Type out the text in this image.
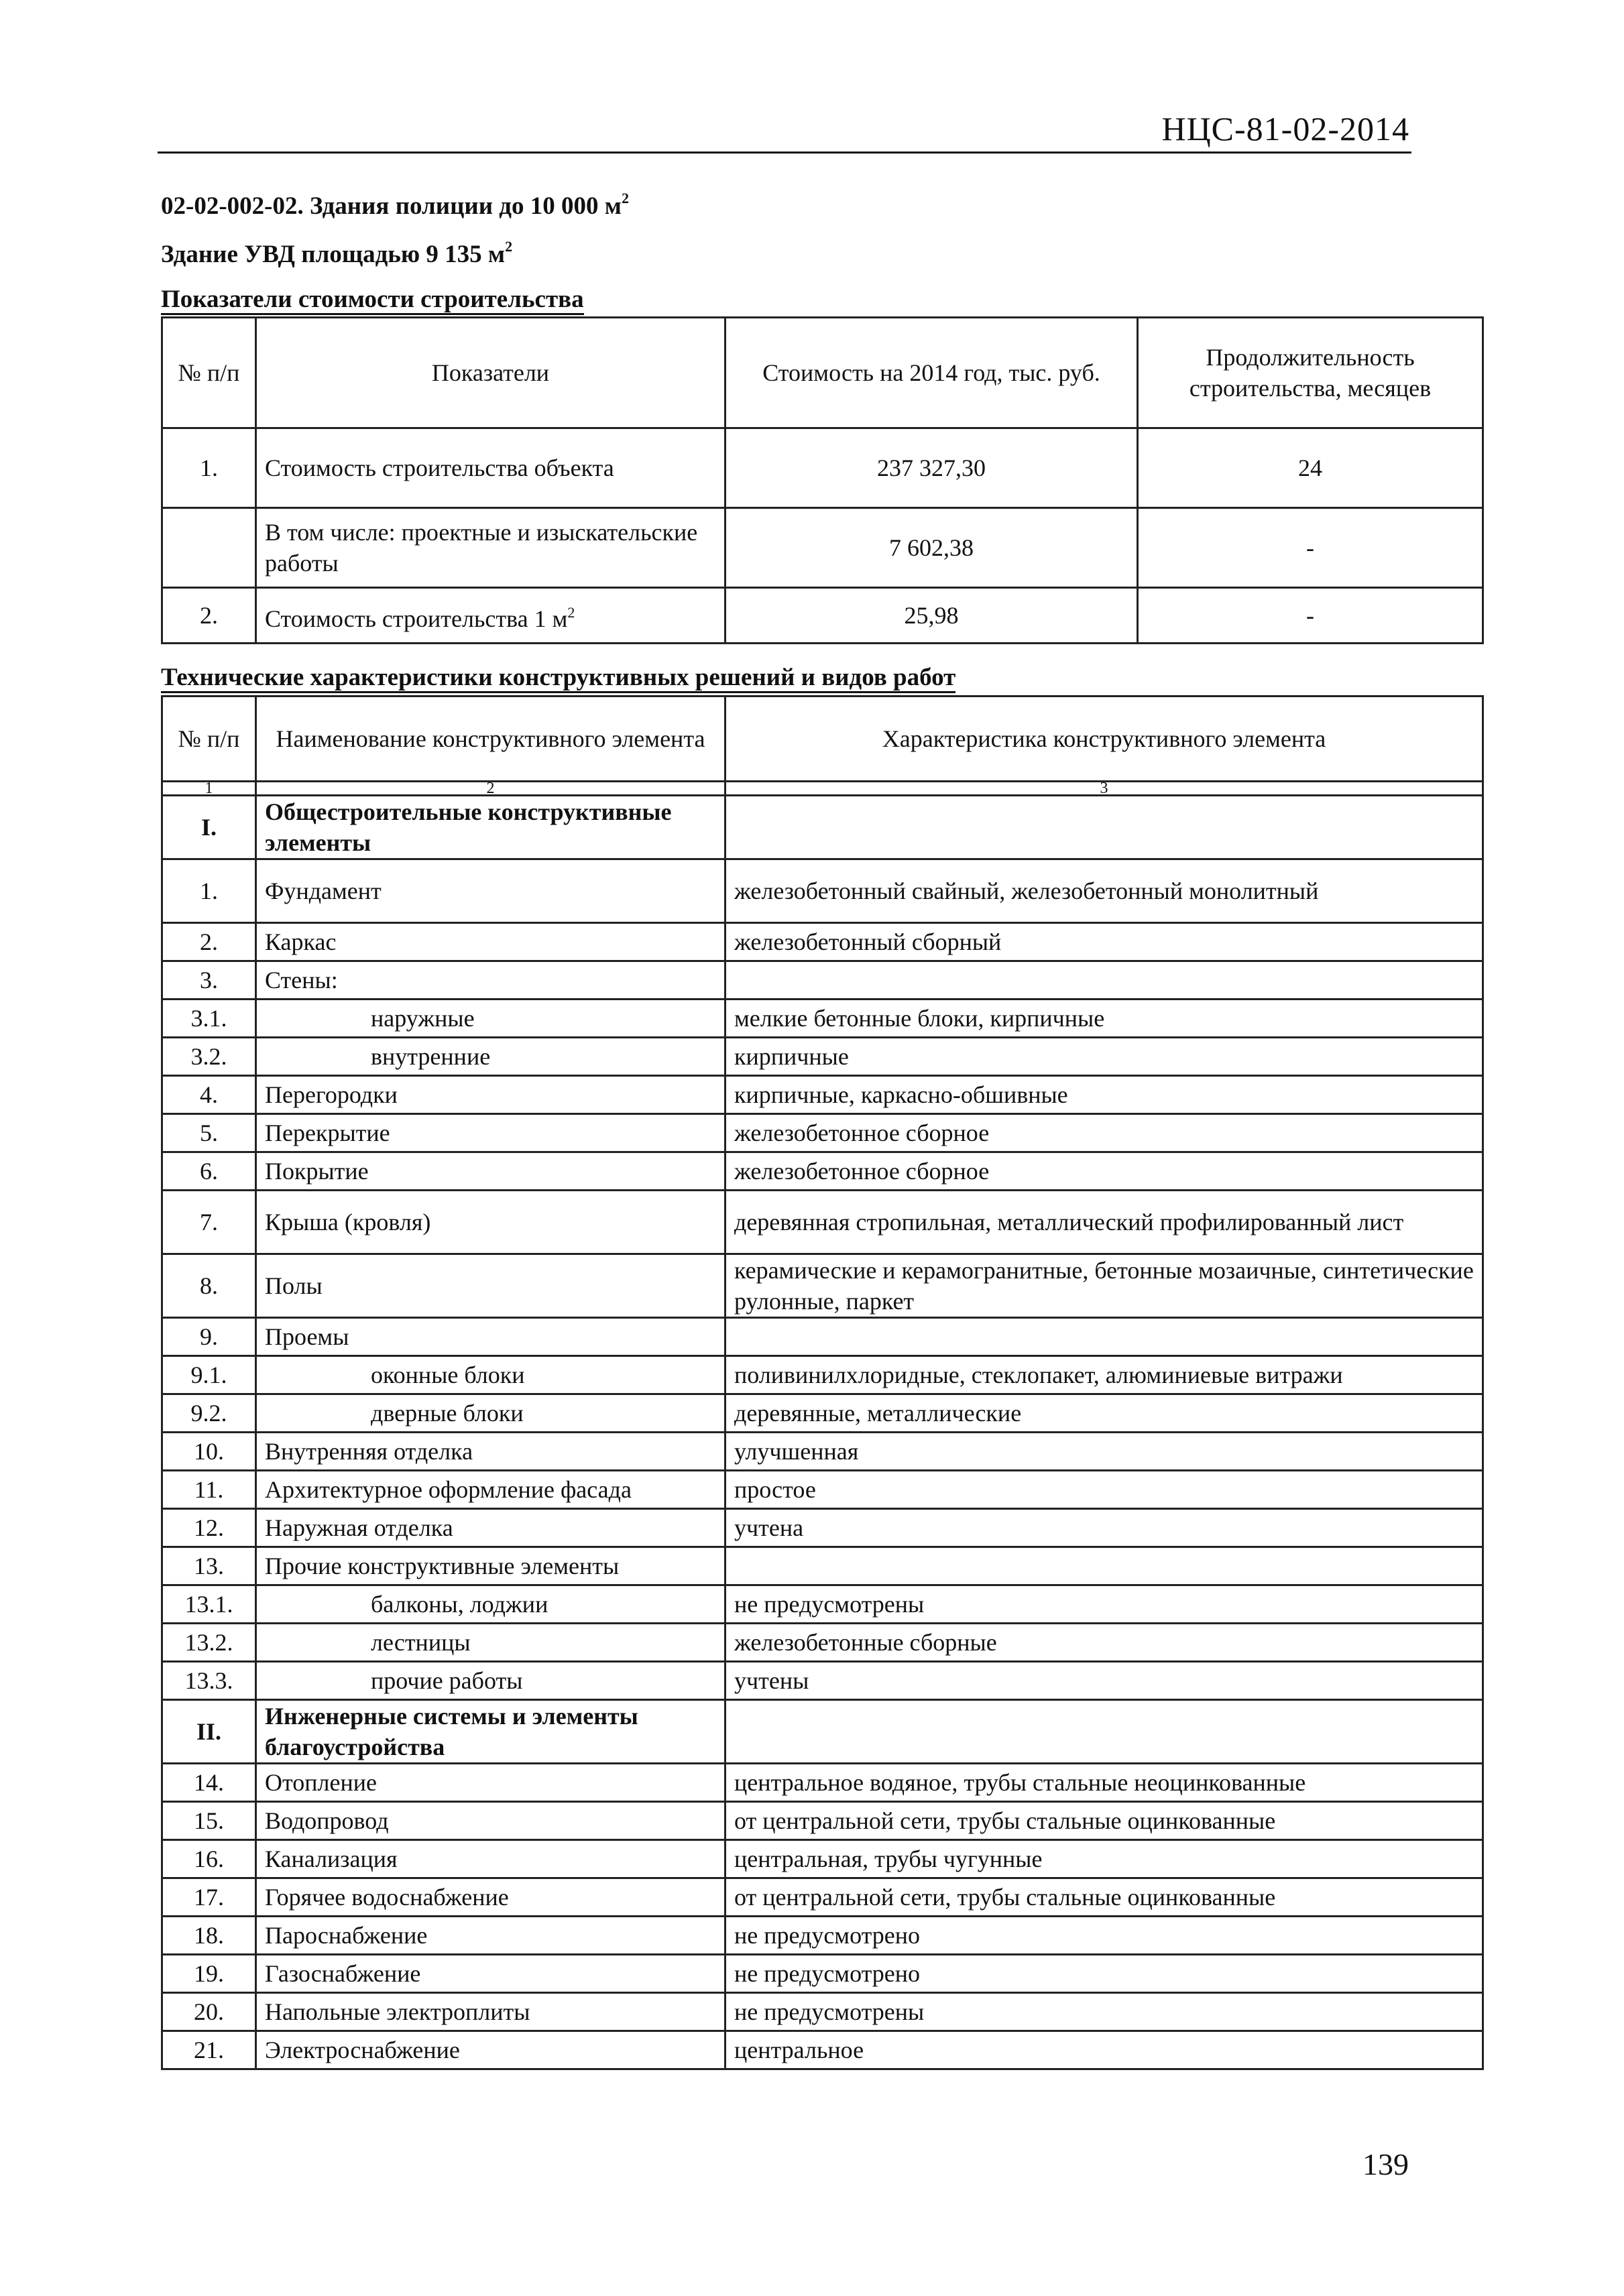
НЦС-81-02-2014
02-02-002-02. Здания полиции до 10 000 $м^2$
Здание УВД площадью 9 135 $м^2$
Показатели стоимости строительства
№ п/п	Показатели	Стоимость на 2014 год, тыс. руб.	Продолжительность строительства, месяцев
1.	Стоимость строительства объекта	237 327,30	24
	В том числе: проектные и изыскательские работы	7 602,38	-
2.	Стоимость строительства 1 $м^2$	25,98	-
Технические характеристики конструктивных решений и видов работ
№ п/п	Наименование конструктивного элемента	Характеристика конструктивного элемента
1	2	3
I.	Общестроительные конструктивные элементы	
1.	Фундамент	железобетонный свайный, железобетонный монолитный
2.	Каркас	железобетонный сборный
3.	Стены:	
3.1.	наружные	мелкие бетонные блоки, кирпичные
3.2.	внутренние	кирпичные
4.	Перегородки	кирпичные, каркасно-обшивные
5.	Перекрытие	железобетонное сборное
6.	Покрытие	железобетонное сборное
7.	Крыша (кровля)	деревянная стропильная, металлический профилированный лист
8.	Полы	керамические и керамогранитные, бетонные мозаичные, синтетические рулонные, паркет
9.	Проемы	
9.1.	оконные блоки	поливинилхлоридные, стеклопакет, алюминиевые витражи
9.2.	дверные блоки	деревянные, металлические
10.	Внутренняя отделка	улучшенная
11.	Архитектурное оформление фасада	простое
12.	Наружная отделка	учтена
13.	Прочие конструктивные элементы	
13.1.	балконы, лоджии	не предусмотрены
13.2.	лестницы	железобетонные сборные
13.3.	прочие работы	учтены
II.	Инженерные системы и элементы благоустройства	
14.	Отопление	центральное водяное, трубы стальные неоцинкованные
15.	Водопровод	от центральной сети, трубы стальные оцинкованные
16.	Канализация	центральная, трубы чугунные
17.	Горячее водоснабжение	от центральной сети, трубы стальные оцинкованные
18.	Пароснабжение	не предусмотрено
19.	Газоснабжение	не предусмотрено
20.	Напольные электроплиты	не предусмотрены
21.	Электроснабжение	центральное
139
